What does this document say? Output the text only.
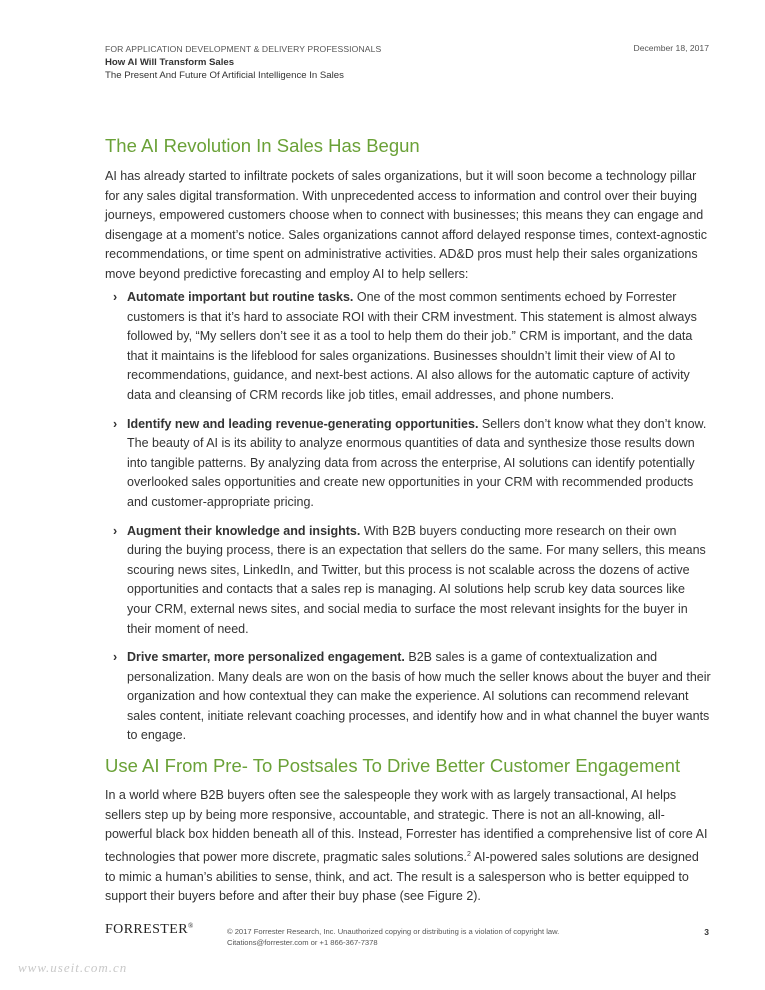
FOR APPLICATION DEVELOPMENT & DELIVERY PROFESSIONALS
How AI Will Transform Sales
The Present And Future Of Artificial Intelligence In Sales
December 18, 2017
The AI Revolution In Sales Has Begun

AI has already started to infiltrate pockets of sales organizations, but it will soon become a technology pillar for any sales digital transformation. With unprecedented access to information and control over their buying journeys, empowered customers choose when to connect with businesses; this means they can engage and disengage at a moment’s notice. Sales organizations cannot afford delayed response times, context-agnostic recommendations, or time spent on administrative activities. AD&D pros must help their sales organizations move beyond predictive forecasting and employ AI to help sellers:

› Automate important but routine tasks. One of the most common sentiments echoed by Forrester customers is that it’s hard to associate ROI with their CRM investment. This statement is almost always followed by, “My sellers don’t see it as a tool to help them do their job.” CRM is important, and the data that it maintains is the lifeblood for sales organizations. Businesses shouldn’t limit their view of AI to recommendations, guidance, and next-best actions. AI also allows for the automatic capture of activity data and cleansing of CRM records like job titles, email addresses, and phone numbers.
› Identify new and leading revenue-generating opportunities. Sellers don’t know what they don’t know. The beauty of AI is its ability to analyze enormous quantities of data and synthesize those results down into tangible patterns. By analyzing data from across the enterprise, AI solutions can identify potentially overlooked sales opportunities and create new opportunities in your CRM with recommended products and customer-appropriate pricing.
› Augment their knowledge and insights. With B2B buyers conducting more research on their own during the buying process, there is an expectation that sellers do the same. For many sellers, this means scouring news sites, LinkedIn, and Twitter, but this process is not scalable across the dozens of active opportunities and contacts that a sales rep is managing. AI solutions help scrub key data sources like your CRM, external news sites, and social media to surface the most relevant insights for the buyer in their moment of need.
› Drive smarter, more personalized engagement. B2B sales is a game of contextualization and personalization. Many deals are won on the basis of how much the seller knows about the buyer and their organization and how contextual they can make the experience. AI solutions can recommend relevant sales content, initiate relevant coaching processes, and identify how and in what channel the buyer wants to engage.
Use AI From Pre- To Postsales To Drive Better Customer Engagement

In a world where B2B buyers often see the salespeople they work with as largely transactional, AI helps sellers step up by being more responsive, accountable, and strategic. There is not an all-knowing, all-powerful black box hidden beneath all of this. Instead, Forrester has identified a comprehensive list of core AI technologies that power more discrete, pragmatic sales solutions.$^2$ AI-powered sales solutions are designed to mimic a human’s abilities to sense, think, and act. The result is a salesperson who is better equipped to support their buyers before and after their buy phase (see Figure 2).

FORRESTER®
© 2017 Forrester Research, Inc. Unauthorized copying or distributing is a violation of copyright law.
Citations@forrester.com or +1 866-367-7378
3
www.useit.com.cn
